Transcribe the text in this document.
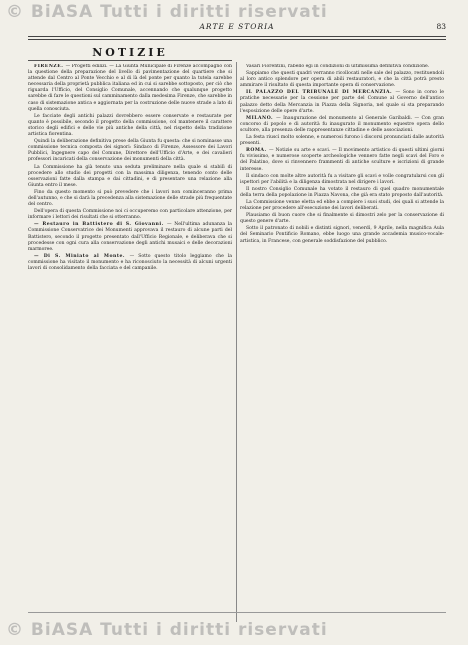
© BiASA Tutti i diritti riservati
ARTE E STORIA	83
NOTIZIE

FIRENZE. — Progetti edilizi. — La Giunta Municipale di Firenze accompagnò con la questione della preparazione del livello di pavimentazione del quartiere che si attende dal Centro al Ponte Vecchio e al di là del ponte per quanto la tutela sarebbe necessaria della proprietà pubblica italiana ed in cui si sarebbe sottoposto, per ciò che riguarda l'Ufficio, del Consiglio Comunale, accennando che qualunque progetto sarebbe di fare le questioni sul camminamento dalla medesima Firenze, che sarebbe in caso di sistemazione antica e aggiornata per la costruzione delle nuove strade a lato di quella conosciuta.

Le facciate degli antichi palazzi dovrebbero essere conservate e restaurate per quanto è possibile, secondo il progetto della commissione, col mantenere il carattere storico degli edifici e delle vie più antiche della città, nel rispetto della tradizione artistica fiorentina.

Quindi la deliberazione definitiva prese della Giunta fu questa: che si nominasse una commissione tecnica composta dei signori: Sindaco di Firenze, Assessore dei Lavori Pubblici, Ingegnere capo del Comune, Direttore dell'Ufficio d'Arte, e dei cavalieri professori incaricati della conservazione dei monumenti della città.

La Commissione ha già tenuto una seduta preliminare nella quale si stabilì di procedere allo studio dei progetti con la massima diligenza, tenendo conto delle osservazioni fatte dalla stampa e dai cittadini, e di presentare una relazione alla Giunta entro il mese.

Fino da questo momento si può prevedere che i lavori non cominceranno prima dell'autunno, e che si darà la precedenza alla sistemazione delle strade più frequentate del centro.

Dell'opera di questa Commissione noi ci occuperemo con particolare attenzione, per informare i lettori dei risultati che si otterranno.

— Restauro in Battistero di S. Giovanni. — Nell'ultima adunanza la Commissione Conservatrice dei Monumenti approvava il restauro di alcune parti del Battistero, secondo il progetto presentato dall'Ufficio Regionale, e deliberava che si procedesse con ogni cura alla conservazione degli antichi musaici e delle decorazioni marmoree.

— Di S. Miniato al Monte. — Sotto questo titolo leggiamo che la commissione ha visitato il monumento e ha riconosciuto la necessità di alcuni urgenti lavori di consolidamento della facciata e del campanile.

Vasari Fiorentini, rabello egi in condizioni di ultimissima definitiva condizione.

Sappiamo che questi quadri verranno ricollocati nelle sale del palazzo, restituendoli al loro antico splendore per opera di abili restauratori, e che la città potrà presto ammirare il risultato di questa importante opera di conservazione.

IL PALAZZO DEL TRIBUNALE DI MERCANZIA. — Sono in corso le pratiche necessarie per la cessione per parte del Comune al Governo dell'antico palazzo detto della Mercanzia in Piazza della Signoria, nel quale si sta preparando l'esposizione delle opere d'arte.

MILANO. — Inaugurazione del monumento al Generale Garibaldi. — Con gran concorso di popolo e di autorità fu inaugurato il monumento equestre opera dello scultore, alla presenza delle rappresentanze cittadine e delle associazioni.

La festa riuscì molto solenne, e numerosi furono i discorsi pronunciati dalle autorità presenti.

ROMA. — Notizie su arte e scavi. — Il movimento artistico di questi ultimi giorni fu vivissimo, e numerose scoperte archeologiche vennero fatte negli scavi del Foro e del Palatino, dove si rinvennero frammenti di antiche sculture e iscrizioni di grande interesse.

Il sindaco con molte altre autorità fu a visitare gli scavi e volle congratularsi con gli ispettori per l'abilità e la diligenza dimostrata nel dirigere i lavori.

Il nostro Consiglio Comunale ha votato il restauro di quel quadro monumentale della terra della popolazione in Piazza Navona, che già era stato proposto dall'autorità.

La Commissione venne eletta ed ebbe a compiere i suoi studi, dei quali si attende la relazione per procedere all'esecuzione dei lavori deliberati.

Plausiamo di buon cuore che si finalmente si dimostri zelo per la conservazione di questo genere d'arte.

Sotto il patronato di nobili e distinti signori, venerdì, 9 Aprile, nella magnifica Aula del Seminario Pontificio Romano, ebbe luogo una grande accademia musico-vocale-artistica, in Francese, con generale soddisfazione del pubblico.

© BiASA Tutti i diritti riservati
